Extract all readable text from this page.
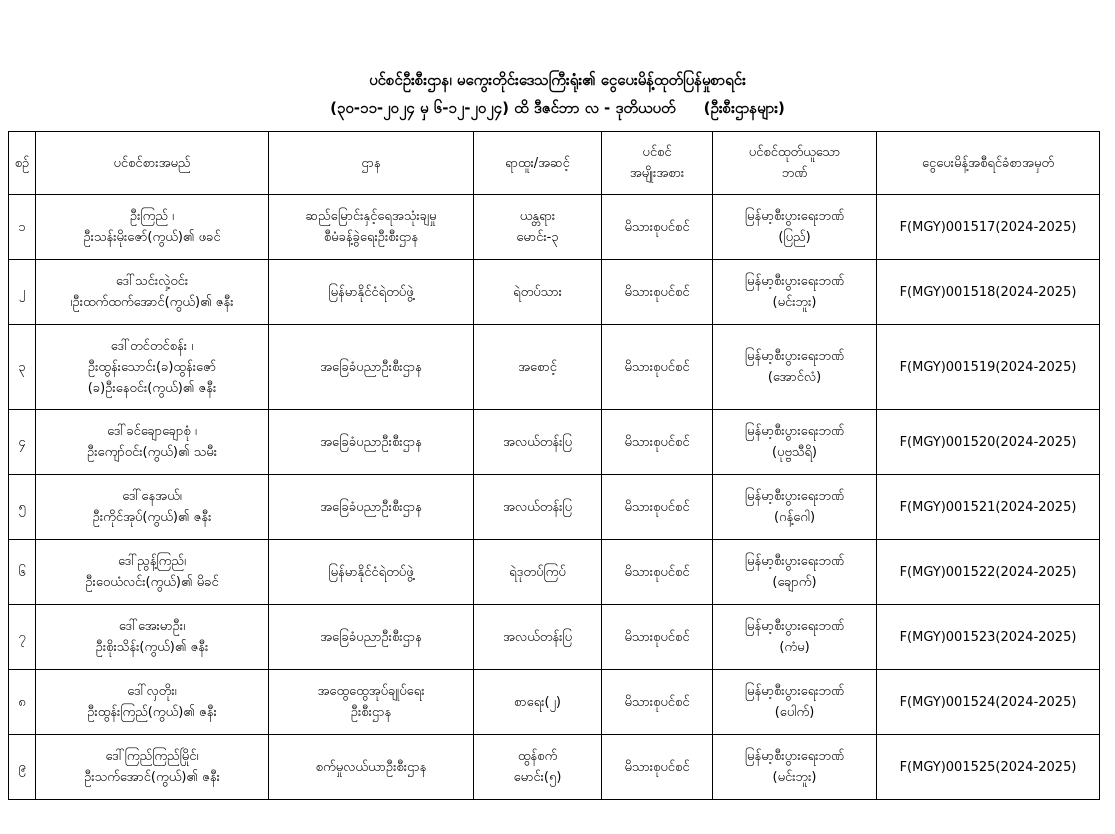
ပင်စင်ဦးစီးဌာန၊ မကွေးတိုင်းဒေသကြီးရုံး၏ ငွေပေးမိန့်ထုတ်ပြန်မှုစာရင်း
(၃၀-၁၁-၂၀၂၄ မှ ၆-၁၂-၂၀၂၄) ထိ ဒီဇင်ဘာ လ - ဒုတိယပတ် (ဦးစီးဌာနများ)
စဉ်	ပင်စင်စားအမည်	ဌာန	ရာထူး/အဆင့်	ပင်စင်
အမျိုးအစား	ပင်စင်ထုတ်ယူသော
ဘဏ်	ငွေပေးမိန့်အစီရင်ခံစာအမှတ်
၁	ဦးကြည် ၊
ဦးသန်းမိုးဇော်(ကွယ်)၏ ဖခင်	ဆည်မြောင်းနှင့်ရေအသုံးချမှု
စီမံခန့်ခွဲရေးဦးစီးဌာန	ယန္တရား
မောင်း-၃	မိသားစုပင်စင်	မြန်မာ့စီးပွားရေးဘဏ်
(ပြည်)	F(MGY)001517(2024-2025)
၂	ဒေါ်သင်းလှဲ့ဝင်း
၊ဦးထက်ထက်အောင်(ကွယ်)၏ ဇနီး	မြန်မာနိုင်ငံရဲတပ်ဖွဲ့	ရဲတပ်သား	မိသားစုပင်စင်	မြန်မာ့စီးပွားရေးဘဏ်
(မင်းဘူး)	F(MGY)001518(2024-2025)
၃	ဒေါ်တင်တင်စန်း ၊
ဦးထွန်းသောင်း(ခ)ထွန်းဇော်
(ခ)ဦးနေဝင်း(ကွယ်)၏ ဇနီး	အခြေခံပညာဦးစီးဌာန	အစောင့်	မိသားစုပင်စင်	မြန်မာ့စီးပွားရေးဘဏ်
(အောင်လံ)	F(MGY)001519(2024-2025)
၄	ဒေါ်ခင်ချောချောစုံ ၊
ဦးကျော်ဝင်း(ကွယ်)၏ သမီး	အခြေခံပညာဦးစီးဌာန	အလယ်တန်းပြ	မိသားစုပင်စင်	မြန်မာ့စီးပွားရေးဘဏ်
(ပုဗ္ဗသီရိ)	F(MGY)001520(2024-2025)
၅	ဒေါ်နေအယ်၊
ဦးကိုင်အုပ်(ကွယ်)၏ ဇနီး	အခြေခံပညာဦးစီးဌာန	အလယ်တန်းပြ	မိသားစုပင်စင်	မြန်မာ့စီးပွားရေးဘဏ်
(ဂန့်ဂေါ)	F(MGY)001521(2024-2025)
၆	ဒေါ်ညွန့်ကြည်၊
ဦးဝေယံလင်း(ကွယ်)၏ မိခင်	မြန်မာနိုင်ငံရဲတပ်ဖွဲ့	ရဲဒုတပ်ကြပ်	မိသားစုပင်စင်	မြန်မာ့စီးပွားရေးဘဏ်
(ချောက်)	F(MGY)001522(2024-2025)
၇	ဒေါ်အေးမာဦး၊
ဦးစိုးသိန်း(ကွယ်)၏ ဇနီး	အခြေခံပညာဦးစီးဌာန	အလယ်တန်းပြ	မိသားစုပင်စင်	မြန်မာ့စီးပွားရေးဘဏ်
(ကံမ)	F(MGY)001523(2024-2025)
၈	ဒေါ်လှတိုး၊
ဦးထွန်းကြည်(ကွယ်)၏ ဇနီး	အထွေထွေအုပ်ချုပ်ရေး
ဦးစီးဌာန	စာရေး(၂)	မိသားစုပင်စင်	မြန်မာ့စီးပွားရေးဘဏ်
(ပေါက်)	F(MGY)001524(2024-2025)
၉	ဒေါ်ကြည်ကြည်မြိုင်၊
ဦးသက်အောင်(ကွယ်)၏ ဇနီး	စက်မှုလယ်ယာဦးစီးဌာန	ထွန်စက်
မောင်း(၅)	မိသားစုပင်စင်	မြန်မာ့စီးပွားရေးဘဏ်
(မင်းဘူး)	F(MGY)001525(2024-2025)
